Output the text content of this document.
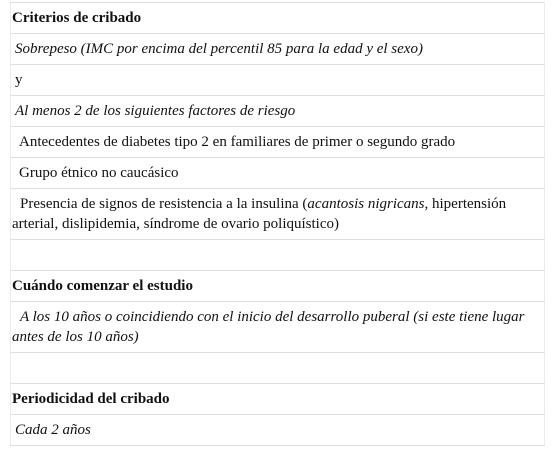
Criterios de cribado
Sobrepeso (IMC por encima del percentil 85 para la edad y el sexo)
y
Al menos 2 de los siguientes factores de riesgo
Antecedentes de diabetes tipo 2 en familiares de primer o segundo grado
Grupo étnico no caucásico
Presencia de signos de resistencia a la insulina (acantosis nigricans, hipertensión arterial, dislipidemia, síndrome de ovario poliquístico)

Cuándo comenzar el estudio
A los 10 años o coincidiendo con el inicio del desarrollo puberal (si este tiene lugar antes de los 10 años)

Periodicidad del cribado
Cada 2 años
